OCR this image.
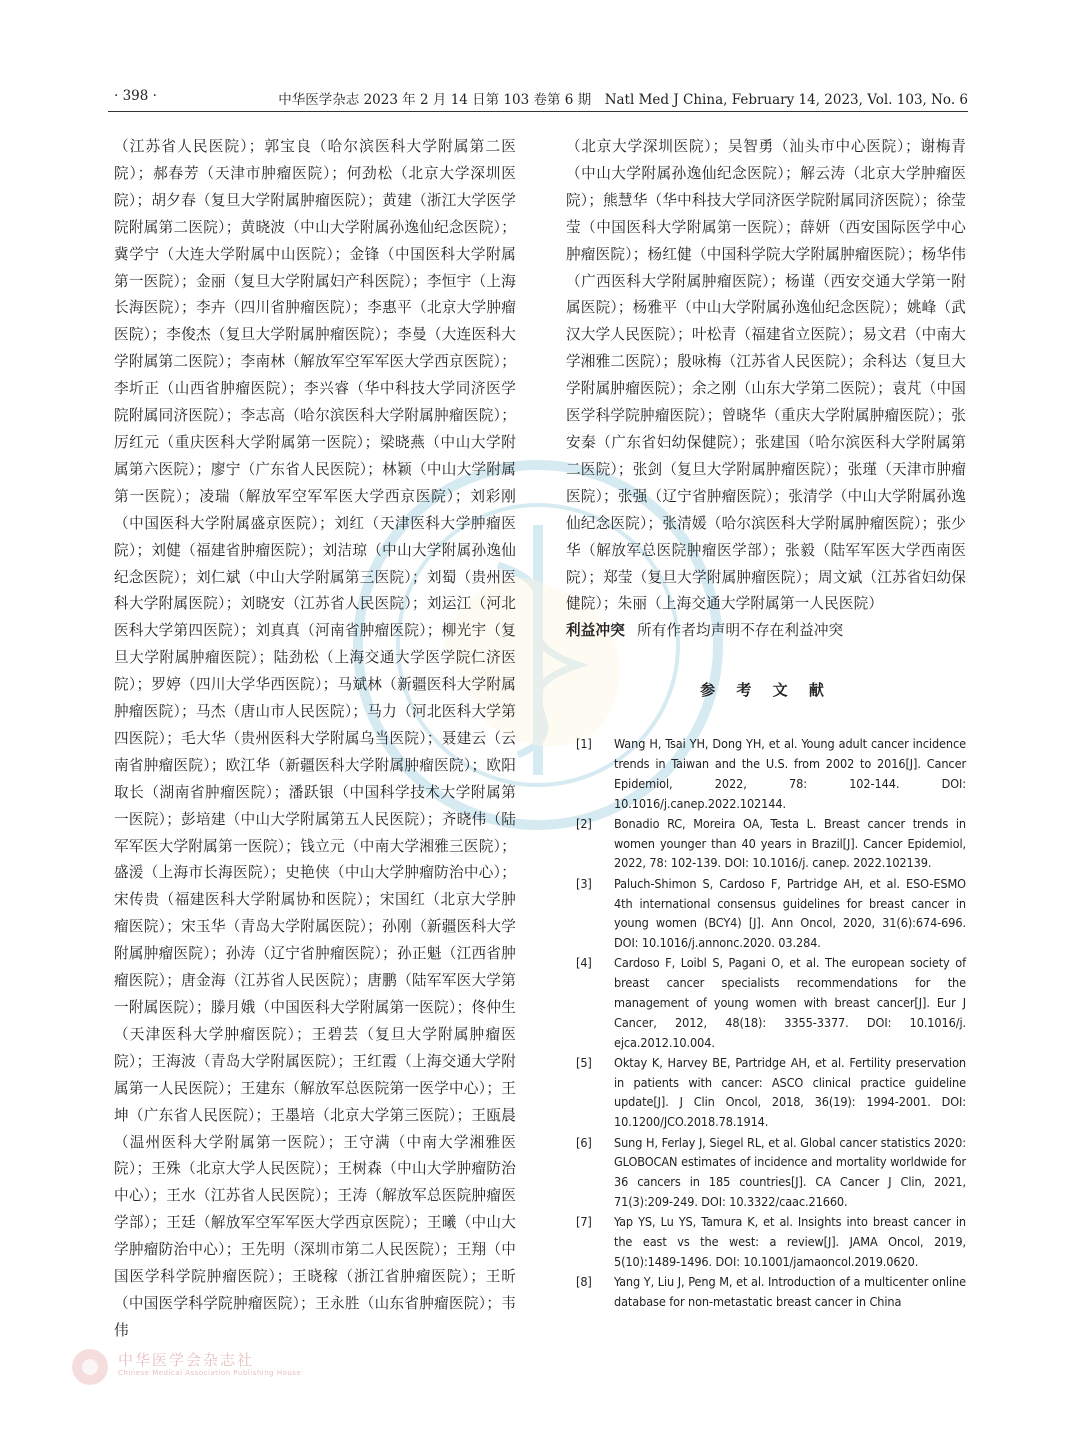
· 398 ·	中华医学杂志 2023 年 2 月 14 日第 103 卷第 6 期　Natl Med J China, February 14, 2023, Vol. 103, No. 6
（江苏省人民医院）；郭宝良（哈尔滨医科大学附属第二医院）；郝春芳（天津市肿瘤医院）；何劲松（北京大学深圳医院）；胡夕春（复旦大学附属肿瘤医院）；黄建（浙江大学医学院附属第二医院）；黄晓波（中山大学附属孙逸仙纪念医院）；冀学宁（大连大学附属中山医院）；金锋（中国医科大学附属第一医院）；金丽（复旦大学附属妇产科医院）；李恒宇（上海长海医院）；李卉（四川省肿瘤医院）；李惠平（北京大学肿瘤医院）；李俊杰（复旦大学附属肿瘤医院）；李曼（大连医科大学附属第二医院）；李南林（解放军空军军医大学西京医院）；李圻正（山西省肿瘤医院）；李兴睿（华中科技大学同济医学院附属同济医院）；李志高（哈尔滨医科大学附属肿瘤医院）；厉红元（重庆医科大学附属第一医院）；梁晓燕（中山大学附属第六医院）；廖宁（广东省人民医院）；林颖（中山大学附属第一医院）；凌瑞（解放军空军军医大学西京医院）；刘彩刚（中国医科大学附属盛京医院）；刘红（天津医科大学肿瘤医院）；刘健（福建省肿瘤医院）；刘洁琼（中山大学附属孙逸仙纪念医院）；刘仁斌（中山大学附属第三医院）；刘蜀（贵州医科大学附属医院）；刘晓安（江苏省人民医院）；刘运江（河北医科大学第四医院）；刘真真（河南省肿瘤医院）；柳光宇（复旦大学附属肿瘤医院）；陆劲松（上海交通大学医学院仁济医院）；罗婷（四川大学华西医院）；马斌林（新疆医科大学附属肿瘤医院）；马杰（唐山市人民医院）；马力（河北医科大学第四医院）；毛大华（贵州医科大学附属乌当医院）；聂建云（云南省肿瘤医院）；欧江华（新疆医科大学附属肿瘤医院）；欧阳取长（湖南省肿瘤医院）；潘跃银（中国科学技术大学附属第一医院）；彭培建（中山大学附属第五人民医院）；齐晓伟（陆军军医大学附属第一医院）；钱立元（中南大学湘雅三医院）；盛湲（上海市长海医院）；史艳侠（中山大学肿瘤防治中心）；宋传贵（福建医科大学附属协和医院）；宋国红（北京大学肿瘤医院）；宋玉华（青岛大学附属医院）；孙刚（新疆医科大学附属肿瘤医院）；孙涛（辽宁省肿瘤医院）；孙正魁（江西省肿瘤医院）；唐金海（江苏省人民医院）；唐鹏（陆军军医大学第一附属医院）；滕月娥（中国医科大学附属第一医院）；佟仲生（天津医科大学肿瘤医院）；王碧芸（复旦大学附属肿瘤医院）；王海波（青岛大学附属医院）；王红霞（上海交通大学附属第一人民医院）；王建东（解放军总医院第一医学中心）；王坤（广东省人民医院）；王墨培（北京大学第三医院）；王瓯晨（温州医科大学附属第一医院）；王守满（中南大学湘雅医院）；王殊（北京大学人民医院）；王树森（中山大学肿瘤防治中心）；王水（江苏省人民医院）；王涛（解放军总医院肿瘤医学部）；王廷（解放军空军军医大学西京医院）；王曦（中山大学肿瘤防治中心）；王先明（深圳市第二人民医院）；王翔（中国医学科学院肿瘤医院）；王晓稼（浙江省肿瘤医院）；王昕（中国医学科学院肿瘤医院）；王永胜（山东省肿瘤医院）；韦伟
（北京大学深圳医院）；吴智勇（汕头市中心医院）；谢梅青（中山大学附属孙逸仙纪念医院）；解云涛（北京大学肿瘤医院）；熊慧华（华中科技大学同济医学院附属同济医院）；徐莹莹（中国医科大学附属第一医院）；薛妍（西安国际医学中心肿瘤医院）；杨红健（中国科学院大学附属肿瘤医院）；杨华伟（广西医科大学附属肿瘤医院）；杨谨（西安交通大学第一附属医院）；杨雅平（中山大学附属孙逸仙纪念医院）；姚峰（武汉大学人民医院）；叶松青（福建省立医院）；易文君（中南大学湘雅二医院）；殷咏梅（江苏省人民医院）；余科达（复旦大学附属肿瘤医院）；余之刚（山东大学第二医院）；袁芃（中国医学科学院肿瘤医院）；曾晓华（重庆大学附属肿瘤医院）；张安秦（广东省妇幼保健院）；张建国（哈尔滨医科大学附属第二医院）；张剑（复旦大学附属肿瘤医院）；张瑾（天津市肿瘤医院）；张强（辽宁省肿瘤医院）；张清学（中山大学附属孙逸仙纪念医院）；张清媛（哈尔滨医科大学附属肿瘤医院）；张少华（解放军总医院肿瘤医学部）；张毅（陆军军医大学西南医院）；郑莹（复旦大学附属肿瘤医院）；周文斌（江苏省妇幼保健院）；朱丽（上海交通大学附属第一人民医院）
利益冲突 所有作者均声明不存在利益冲突
参 考 文 献
[1]	Wang H, Tsai YH, Dong YH, et al. Young adult cancer incidence trends in Taiwan and the U.S. from 2002 to 2016[J]. Cancer Epidemiol, 2022, 78: 102-144. DOI: 10.1016/j.canep.2022.102144.
[2]	Bonadio RC, Moreira OA, Testa L. Breast cancer trends in women younger than 40 years in Brazil[J]. Cancer Epidemiol, 2022, 78: 102-139. DOI: 10.1016/j. canep. 2022.102139.
[3]	Paluch-Shimon S, Cardoso F, Partridge AH, et al. ESO-ESMO 4th international consensus guidelines for breast cancer in young women (BCY4) [J]. Ann Oncol, 2020, 31(6):674-696. DOI: 10.1016/j.annonc.2020. 03.284.
[4]	Cardoso F, Loibl S, Pagani O, et al. The european society of breast cancer specialists recommendations for the management of young women with breast cancer[J]. Eur J Cancer, 2012, 48(18): 3355-3377. DOI: 10.1016/j. ejca.2012.10.004.
[5]	Oktay K, Harvey BE, Partridge AH, et al. Fertility preservation in patients with cancer: ASCO clinical practice guideline update[J]. J Clin Oncol, 2018, 36(19): 1994-2001. DOI: 10.1200/JCO.2018.78.1914.
[6]	Sung H, Ferlay J, Siegel RL, et al. Global cancer statistics 2020: GLOBOCAN estimates of incidence and mortality worldwide for 36 cancers in 185 countries[J]. CA Cancer J Clin, 2021, 71(3):209-249. DOI: 10.3322/caac.21660.
[7]	Yap YS, Lu YS, Tamura K, et al. Insights into breast cancer in the east vs the west: a review[J]. JAMA Oncol, 2019, 5(10):1489-1496. DOI: 10.1001/jamaoncol.2019.0620.
[8]	Yang Y, Liu J, Peng M, et al. Introduction of a multicenter online database for non-metastatic breast cancer in China
中华医学会杂志社
Chinese Medical Association Publishing House
